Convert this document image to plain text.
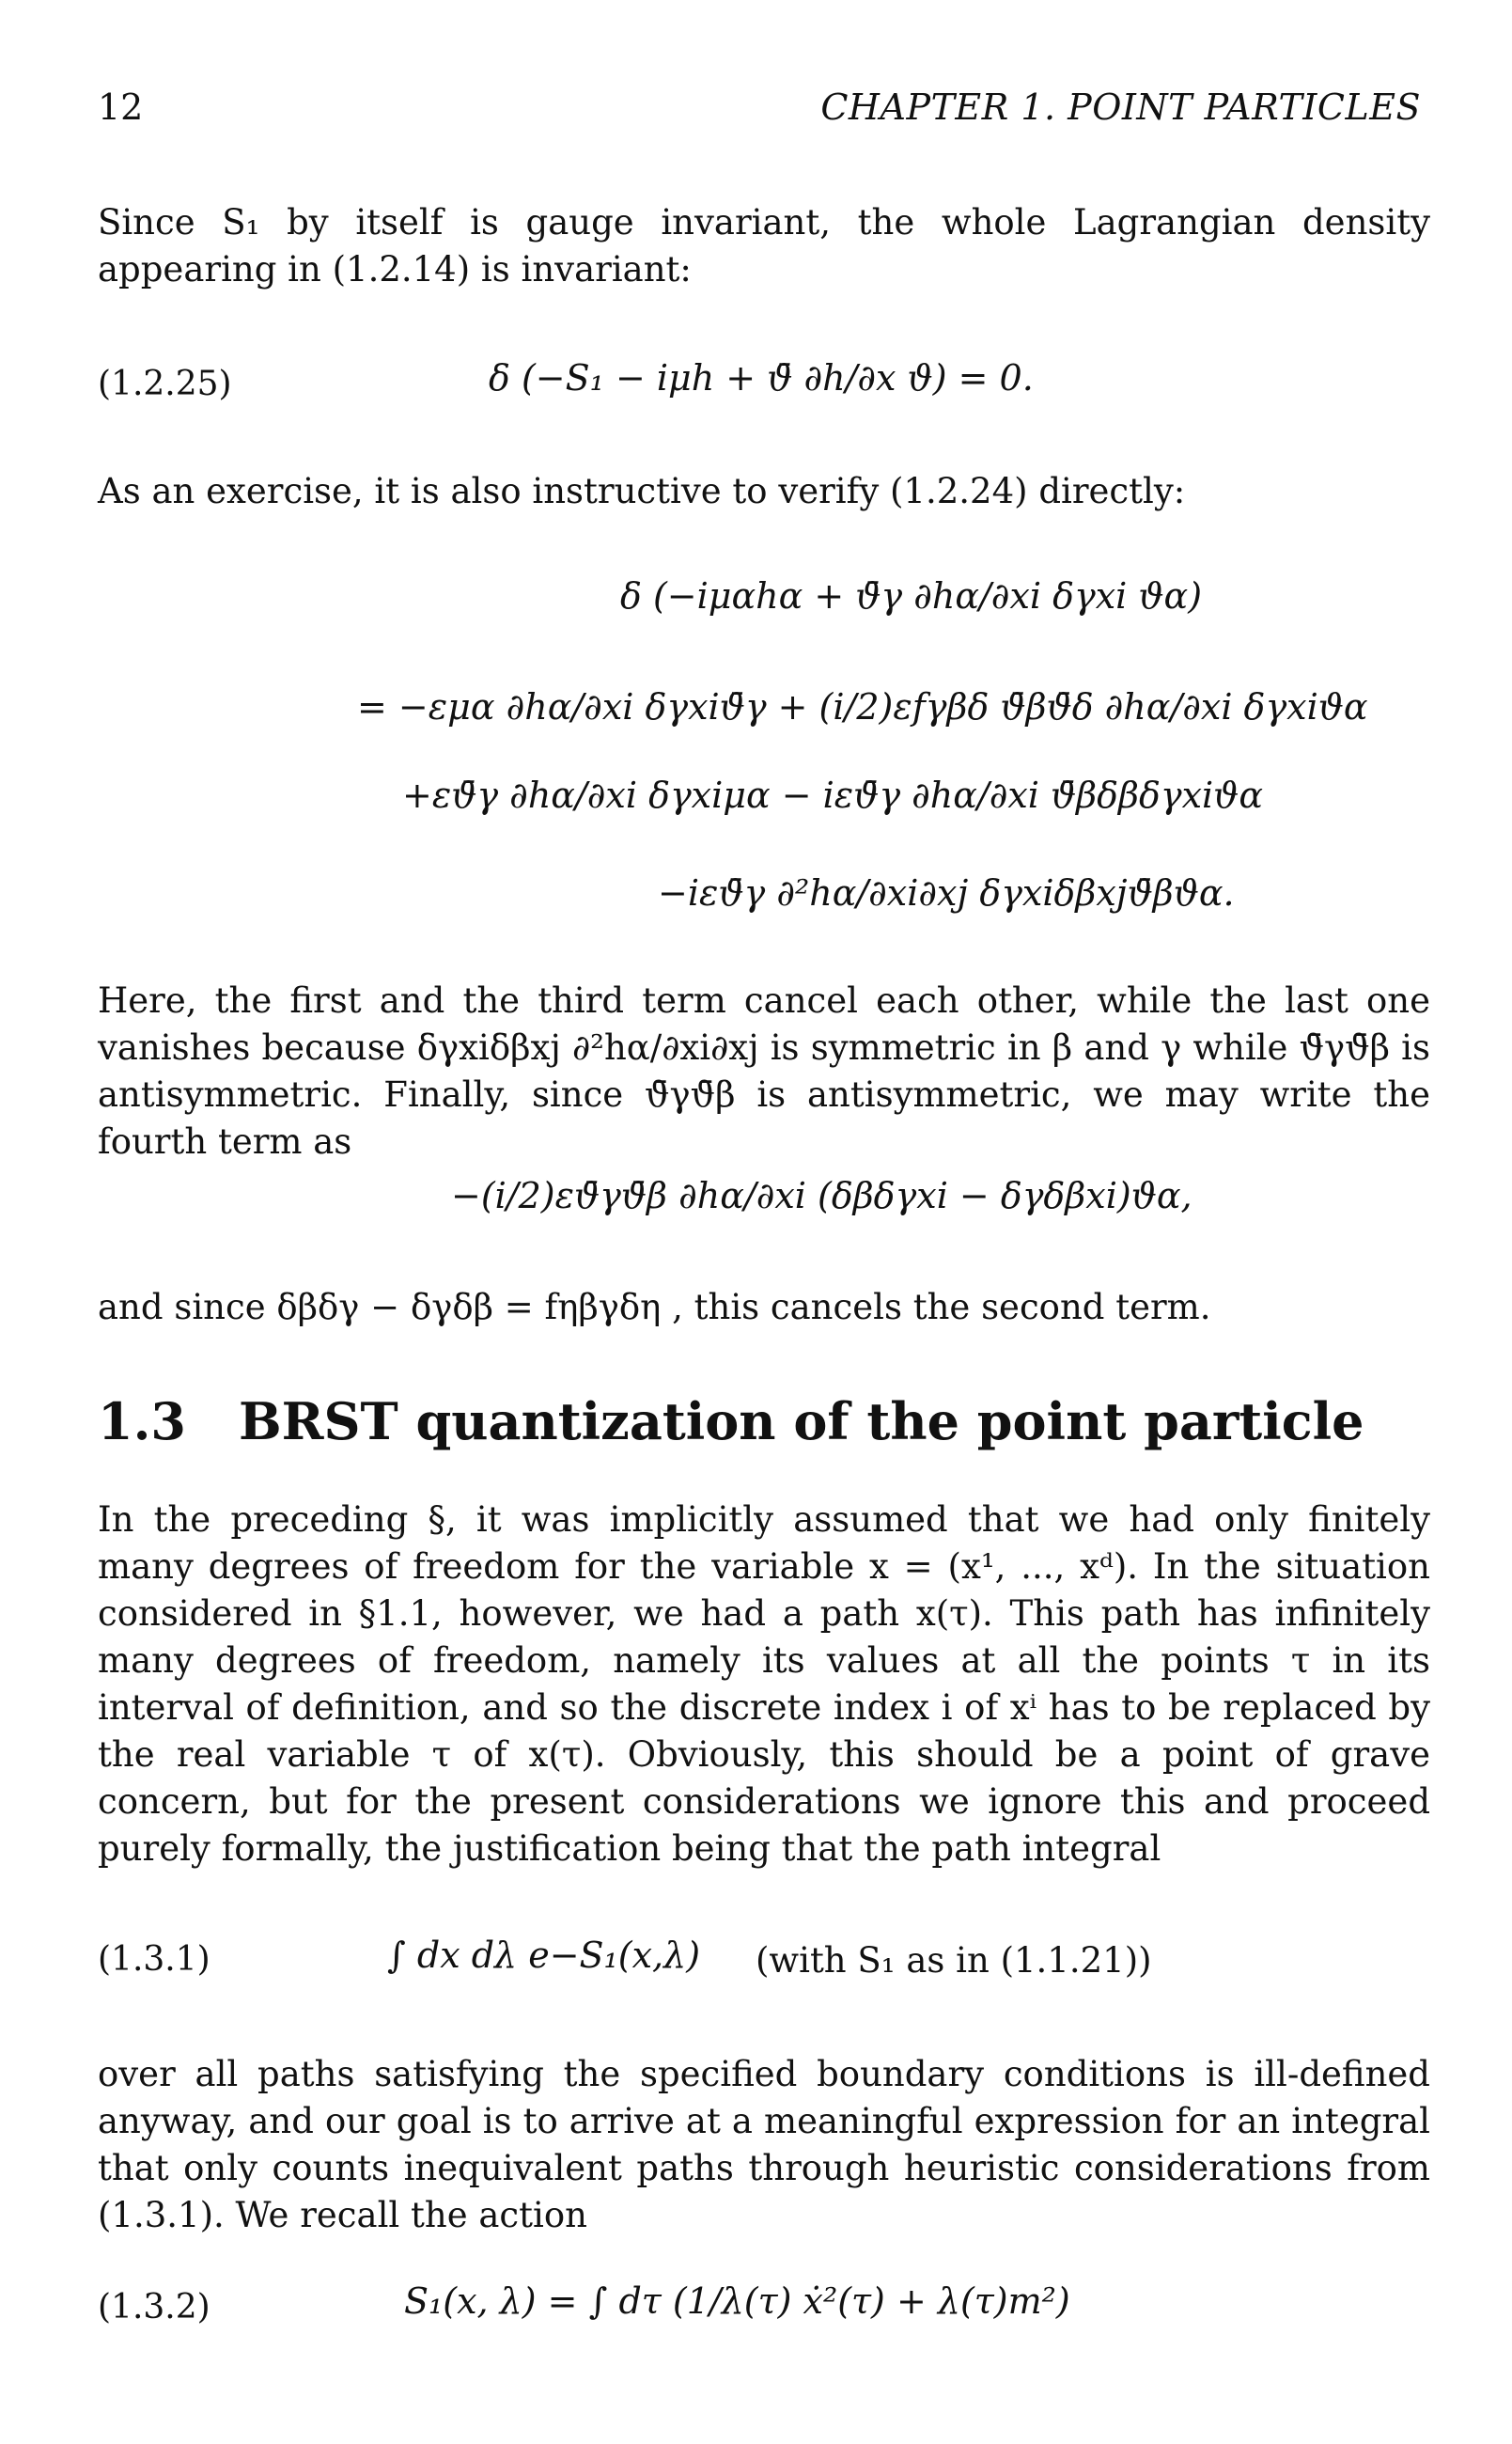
12	CHAPTER 1. POINT PARTICLES

Since S₁ by itself is gauge invariant, the whole Lagrangian density appearing in (1.2.14) is invariant:

(1.2.25)	δ (−S₁ − iμh + ϑ̄ ∂h/∂x ϑ) = 0.

As an exercise, it is also instructive to verify (1.2.24) directly:

δ (−iμαhα + ϑ̄γ ∂hα/∂xi δγxi ϑα)
= −εμα ∂hα/∂xi δγxiϑ̄γ + (i/2)εfγβδ ϑ̄βϑ̄δ ∂hα/∂xi δγxiϑα
+εϑ̄γ ∂hα/∂xi δγxiμα − iεϑ̄γ ∂hα/∂xi ϑ̄βδβδγxiϑα
−iεϑ̄γ ∂²hα/∂xi∂xj δγxiδβxjϑ̄βϑα.

Here, the first and the third term cancel each other, while the last one vanishes because δγxiδβxj ∂²hα/∂xi∂xj is symmetric in β and γ while ϑ̄γϑ̄β is antisymmetric. Finally, since ϑ̄γϑ̄β is antisymmetric, we may write the fourth term as

−(i/2)εϑ̄γϑ̄β ∂hα/∂xi (δβδγxi − δγδβxi)ϑα,

and since δβδγ − δγδβ = fηβγδη , this cancels the second term.

1.3 BRST quantization of the point particle

In the preceding §, it was implicitly assumed that we had only finitely many degrees of freedom for the variable x = (x¹, ..., xᵈ). In the situation considered in §1.1, however, we had a path x(τ). This path has infinitely many degrees of freedom, namely its values at all the points τ in its interval of definition, and so the discrete index i of xⁱ has to be replaced by the real variable τ of x(τ). Obviously, this should be a point of grave concern, but for the present considerations we ignore this and proceed purely formally, the justification being that the path integral

(1.3.1)	∫ dx dλ e−S₁(x,λ) (with S₁ as in (1.1.21))

over all paths satisfying the specified boundary conditions is ill-defined anyway, and our goal is to arrive at a meaningful expression for an integral that only counts inequivalent paths through heuristic considerations from (1.3.1). We recall the action

(1.3.2)	S₁(x, λ) = ∫ dτ (1/λ(τ) ẋ²(τ) + λ(τ)m²)
